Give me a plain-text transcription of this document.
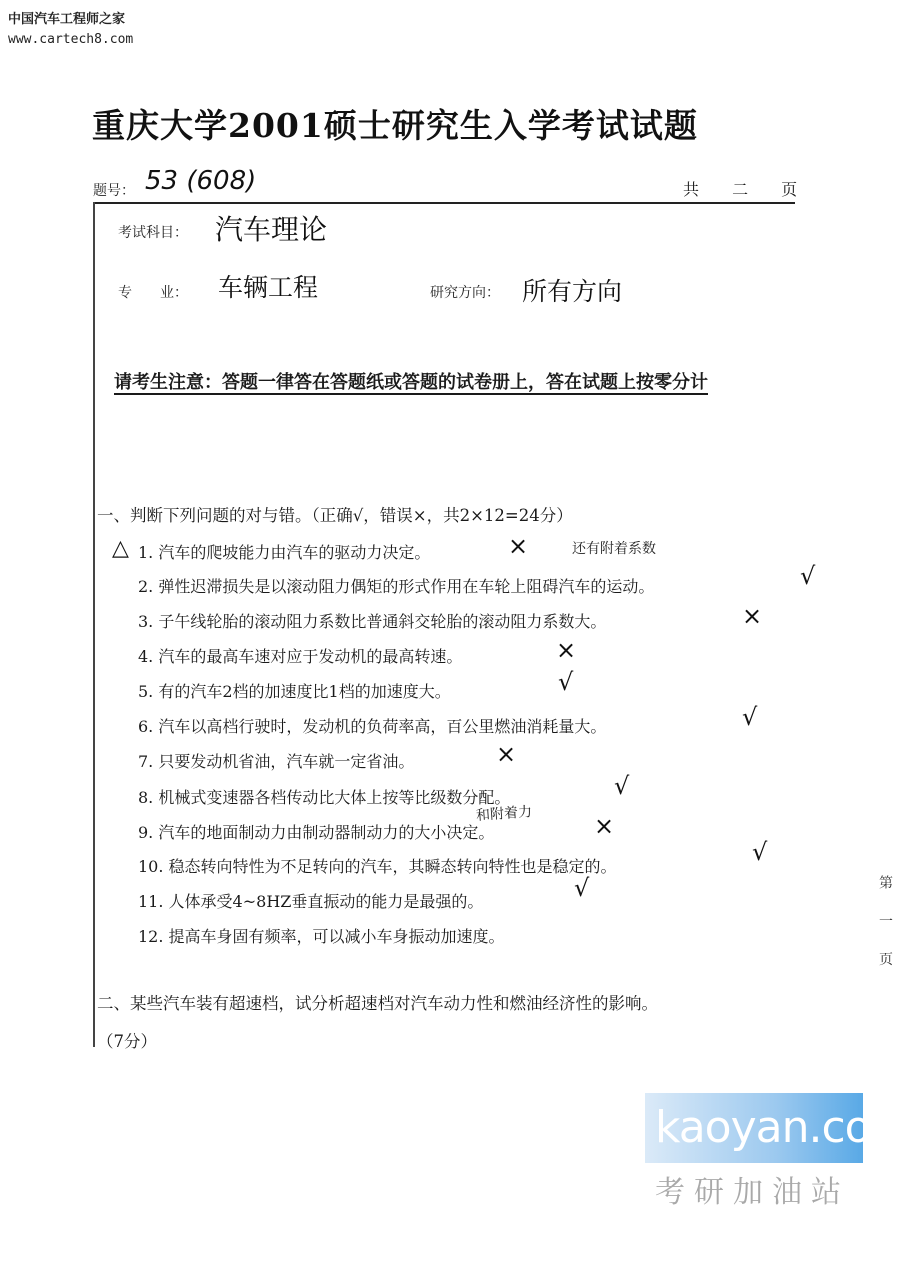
中国汽车工程师之家
www.cartech8.com
重庆大学2001硕士研究生入学考试试题
题号： 53 (608)	共 二 页
考试科目： 汽车理论
专　　业： 车辆工程	研究方向： 所有方向
请考生注意：答题一律答在答题纸或答题的试卷册上，答在试题上按零分计
一、判断下列问题的对与错。（正确√，错误×，共2×12=24分）
△ 1. 汽车的爬坡能力由汽车的驱动力决定。	×	还有附着系数
2. 弹性迟滞损失是以滚动阻力偶矩的形式作用在车轮上阻碍汽车的运动。	√
3. 子午线轮胎的滚动阻力系数比普通斜交轮胎的滚动阻力系数大。	×
4. 汽车的最高车速对应于发动机的最高转速。	×
5. 有的汽车2档的加速度比1档的加速度大。	√
6. 汽车以高档行驶时，发动机的负荷率高，百公里燃油消耗量大。	√
7. 只要发动机省油，汽车就一定省油。	×
8. 机械式变速器各档传动比大体上按等比级数分配。	√
和附着力
9. 汽车的地面制动力由制动器制动力的大小决定。	×
10. 稳态转向特性为不足转向的汽车，其瞬态转向特性也是稳定的。
√
11. 人体承受4~8HZ垂直振动的能力是最强的。	√
12. 提高车身固有频率，可以减小车身振动加速度。
二、某些汽车装有超速档，试分析超速档对汽车动力性和燃油经济性的影响。
（7分）
第 一 页
kaoyan.com
考研加油站
